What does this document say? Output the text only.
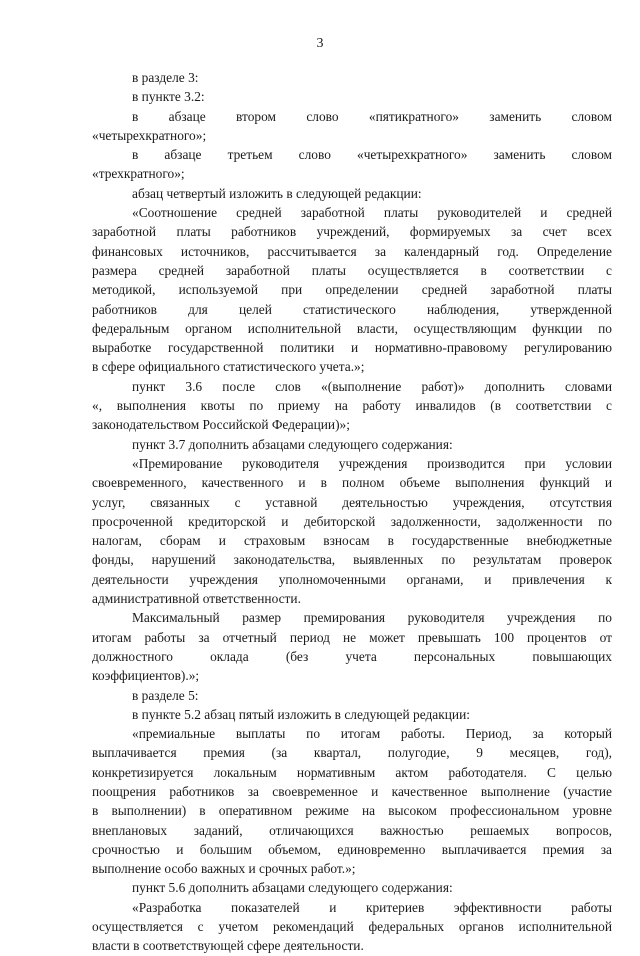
3
в разделе 3:
в пункте 3.2:
в абзаце втором слово «пятикратного» заменить словом
«четырехкратного»;
в абзаце третьем слово «четырехкратного» заменить словом
«трехкратного»;
абзац четвертый изложить в следующей редакции:
«Соотношение средней заработной платы руководителей и средней
заработной платы работников учреждений, формируемых за счет всех
финансовых источников, рассчитывается за календарный год. Определение
размера средней заработной платы осуществляется в соответствии с
методикой, используемой при определении средней заработной платы
работников для целей статистического наблюдения, утвержденной
федеральным органом исполнительной власти, осуществляющим функции по
выработке государственной политики и нормативно-правовому регулированию
в сфере официального статистического учета.»;
пункт 3.6 после слов «(выполнение работ)» дополнить словами
«, выполнения квоты по приему на работу инвалидов (в соответствии с
законодательством Российской Федерации)»;
пункт 3.7 дополнить абзацами следующего содержания:
«Премирование руководителя учреждения производится при условии
своевременного, качественного и в полном объеме выполнения функций и
услуг, связанных с уставной деятельностью учреждения, отсутствия
просроченной кредиторской и дебиторской задолженности, задолженности по
налогам, сборам и страховым взносам в государственные внебюджетные
фонды, нарушений законодательства, выявленных по результатам проверок
деятельности учреждения уполномоченными органами, и привлечения к
административной ответственности.
Максимальный размер премирования руководителя учреждения по
итогам работы за отчетный период не может превышать 100 процентов от
должностного оклада (без учета персональных повышающих
коэффициентов).»;
в разделе 5:
в пункте 5.2 абзац пятый изложить в следующей редакции:
«премиальные выплаты по итогам работы. Период, за который
выплачивается премия (за квартал, полугодие, 9 месяцев, год),
конкретизируется локальным нормативным актом работодателя. С целью
поощрения работников за своевременное и качественное выполнение (участие
в выполнении) в оперативном режиме на высоком профессиональном уровне
внеплановых заданий, отличающихся важностью решаемых вопросов,
срочностью и большим объемом, единовременно выплачивается премия за
выполнение особо важных и срочных работ.»;
пункт 5.6 дополнить абзацами следующего содержания:
«Разработка показателей и критериев эффективности работы
осуществляется с учетом рекомендаций федеральных органов исполнительной
власти в соответствующей сфере деятельности.
